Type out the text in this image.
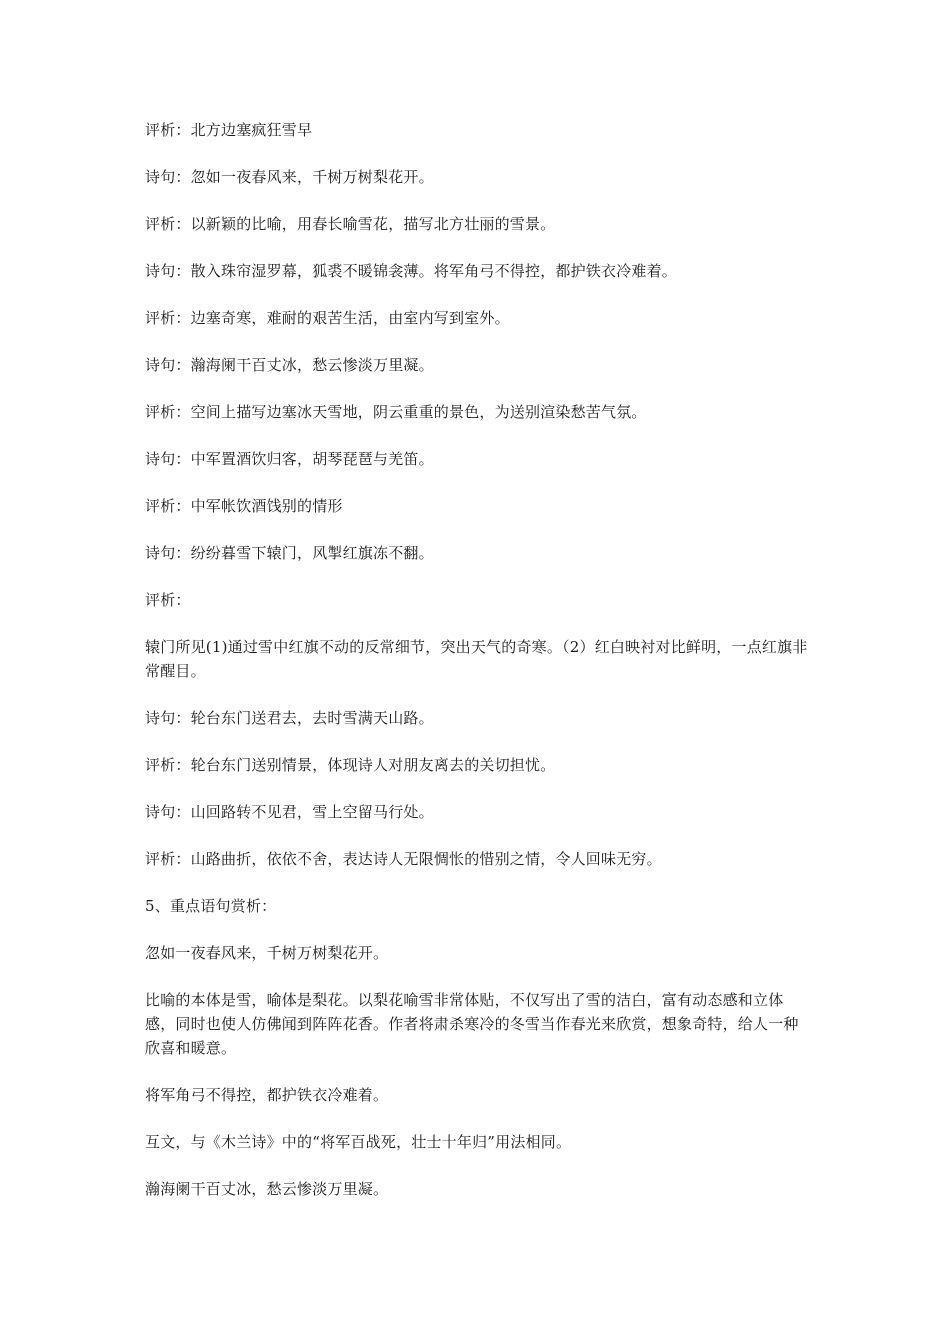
评析：北方边塞疯狂雪早

诗句：忽如一夜春风来，千树万树梨花开。

评析：以新颖的比喻，用春长喻雪花，描写北方壮丽的雪景。

诗句：散入珠帘湿罗幕，狐裘不暖锦衾薄。将军角弓不得控，都护铁衣冷难着。

评析：边塞奇寒，难耐的艰苦生活，由室内写到室外。

诗句：瀚海阑干百丈冰，愁云惨淡万里凝。

评析：空间上描写边塞冰天雪地，阴云重重的景色，为送别渲染愁苦气氛。

诗句：中军置酒饮归客，胡琴琵琶与羌笛。

评析：中军帐饮酒饯别的情形

诗句：纷纷暮雪下辕门，风掣红旗冻不翻。

评析：

辕门所见(1)通过雪中红旗不动的反常细节，突出天气的奇寒。（2）红白映衬对比鲜明，一点红旗非常醒目。

诗句：轮台东门送君去，去时雪满天山路。

评析：轮台东门送别情景，体现诗人对朋友离去的关切担忧。

诗句：山回路转不见君，雪上空留马行处。

评析：山路曲折，依依不舍，表达诗人无限惆怅的惜别之情，令人回味无穷。

5、重点语句赏析：

忽如一夜春风来，千树万树梨花开。

比喻的本体是雪，喻体是梨花。以梨花喻雪非常体贴，不仅写出了雪的洁白，富有动态感和立体感，同时也使人仿佛闻到阵阵花香。作者将肃杀寒冷的冬雪当作春光来欣赏，想象奇特，给人一种欣喜和暖意。

将军角弓不得控，都护铁衣冷难着。

互文，与《木兰诗》中的“将军百战死，壮士十年归”用法相同。

瀚海阑干百丈冰，愁云惨淡万里凝。
